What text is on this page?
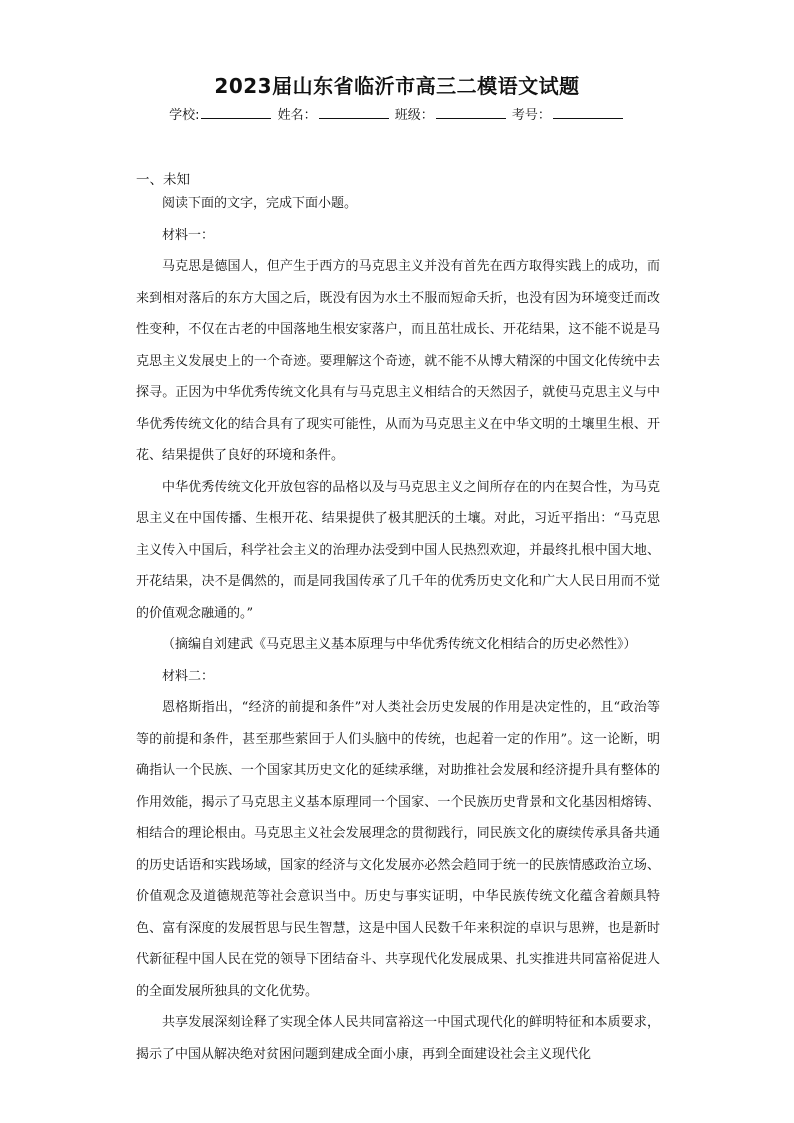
2023届山东省临沂市高三二模语文试题
学校:	姓名：	班级：	考号：
一、未知

阅读下面的文字，完成下面小题。

材料一：

马克思是德国人，但产生于西方的马克思主义并没有首先在西方取得实践上的成功，而来到相对落后的东方大国之后，既没有因为水土不服而短命夭折，也没有因为环境变迁而改性变种，不仅在古老的中国落地生根安家落户，而且茁壮成长、开花结果，这不能不说是马克思主义发展史上的一个奇迹。要理解这个奇迹，就不能不从博大精深的中国文化传统中去探寻。正因为中华优秀传统文化具有与马克思主义相结合的天然因子，就使马克思主义与中华优秀传统文化的结合具有了现实可能性，从而为马克思主义在中华文明的土壤里生根、开花、结果提供了良好的环境和条件。

中华优秀传统文化开放包容的品格以及与马克思主义之间所存在的内在契合性，为马克思主义在中国传播、生根开花、结果提供了极其肥沃的土壤。对此，习近平指出：“马克思主义传入中国后，科学社会主义的治理办法受到中国人民热烈欢迎，并最终扎根中国大地、开花结果，决不是偶然的，而是同我国传承了几千年的优秀历史文化和广大人民日用而不觉的价值观念融通的。”

（摘编自刘建武《马克思主义基本原理与中华优秀传统文化相结合的历史必然性》）

材料二：

恩格斯指出，“经济的前提和条件”对人类社会历史发展的作用是决定性的，且“政治等等的前提和条件，甚至那些萦回于人们头脑中的传统，也起着一定的作用”。这一论断，明确指认一个民族、一个国家其历史文化的延续承继，对助推社会发展和经济提升具有整体的作用效能，揭示了马克思主义基本原理同一个国家、一个民族历史背景和文化基因相熔铸、相结合的理论根由。马克思主义社会发展理念的贯彻践行，同民族文化的赓续传承具备共通的历史话语和实践场域，国家的经济与文化发展亦必然会趋同于统一的民族情感政治立场、价值观念及道德规范等社会意识当中。历史与事实证明，中华民族传统文化蕴含着颇具特色、富有深度的发展哲思与民生智慧，这是中国人民数千年来积淀的卓识与思辨，也是新时代新征程中国人民在党的领导下团结奋斗、共享现代化发展成果、扎实推进共同富裕促进人的全面发展所独具的文化优势。

共享发展深刻诠释了实现全体人民共同富裕这一中国式现代化的鲜明特征和本质要求，揭示了中国从解决绝对贫困问题到建成全面小康，再到全面建设社会主义现代化
